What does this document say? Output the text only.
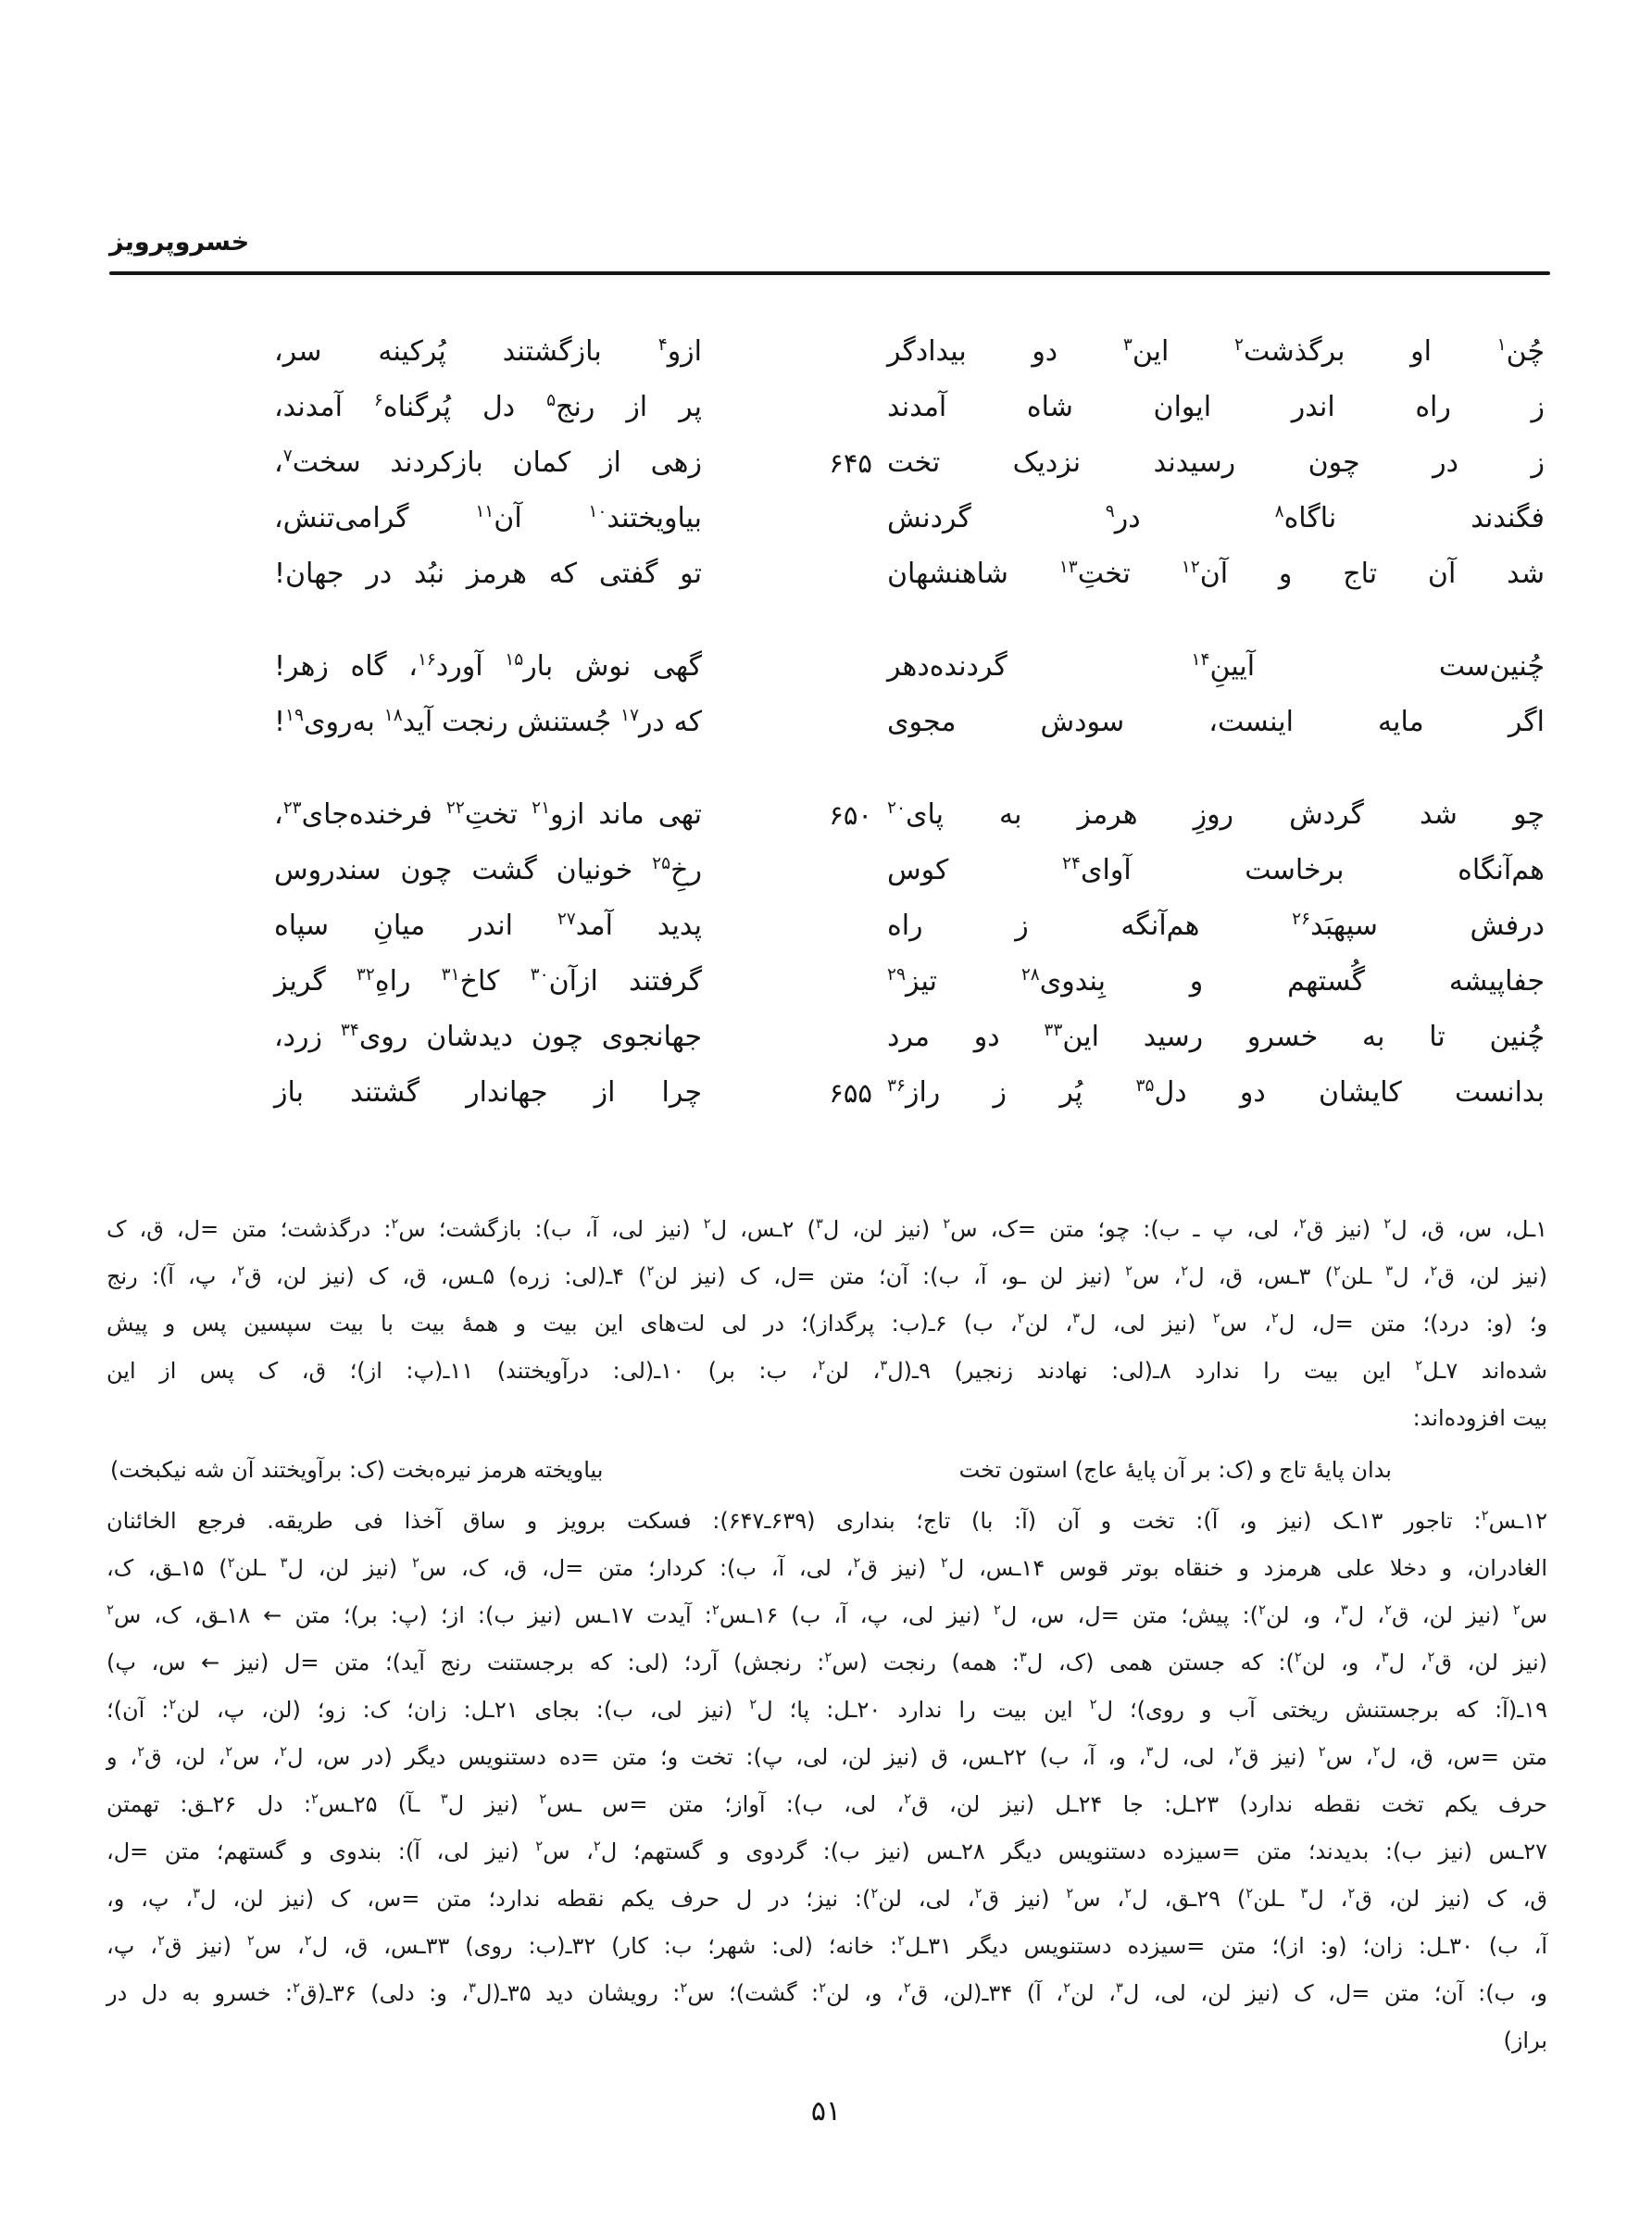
خسروپرویز
چُن$^۱$ او برگذشت$^۲$ این$^۳$ دو بیدادگر
ازو$^۴$ بازگشتند پُرکینه سر،
ز راه اندر ایوان شاه آمدند
پر از رنج$^۵$ دل پُرگناه$^۶$ آمدند،
ز در چون رسیدند نزدیک تخت
۶۴۵
زهی از کمان بازکردند سخت$^۷$،
فگندند ناگاه$^۸$ در$^۹$ گردنش
بیاویختند$^{۱۰}$ آن$^{۱۱}$ گرامی‌تنش،
شد آن تاج و آن$^{۱۲}$ تختِ$^{۱۳}$ شاهنشهان
تو گفتی که هرمز نبُد در جهان!
چُنین‌ست آیینِ$^{۱۴}$ گردنده‌دهر
گهی نوش بار$^{۱۵}$ آورد$^{۱۶}$، گاه زهر!
اگر مایه اینست، سودش مجوی
که در$^{۱۷}$ جُستنش رنجت آید$^{۱۸}$ به‌روی$^{۱۹}$!
چو شد گردش روزِ هرمز به پای$^{۲۰}$
۶۵۰
تهی ماند ازو$^{۲۱}$ تختِ$^{۲۲}$ فرخنده‌جای$^{۲۳}$،
هم‌آنگاه برخاست آوای$^{۲۴}$ کوس
رخِ$^{۲۵}$ خونیان گشت چون سندروس
درفش سپهبَد$^{۲۶}$ هم‌آنگه ز راه
پدید آمد$^{۲۷}$ اندر میانِ سپاه
جفاپیشه گُستهم و بِندوی$^{۲۸}$ تیز$^{۲۹}$
گرفتند ازآن$^{۳۰}$ کاخ$^{۳۱}$ راهِ$^{۳۲}$ گریز
چُنین تا به خسرو رسید این$^{۳۳}$ دو مرد
جهانجوی چون دیدشان روی$^{۳۴}$ زرد،
بدانست کایشان دو دل$^{۳۵}$ پُر ز راز$^{۳۶}$
۶۵۵
چرا از جهاندار گشتند باز
۱ـل، س، ق، ل$^۲$ (نیز ق$^۲$، لی، پ ـ ب): چو؛ متن =ک، س$^۲$ (نیز لن، ل$^۳$) ۲ـس، ل$^۲$ (نیز لی، آ، ب): بازگشت؛ س$^۲$: درگذشت؛ متن =ل، ق، ک
(نیز لن، ق$^۲$، ل$^۳$ ـلن$^۲$) ۳ـس، ق، ل$^۲$، س$^۲$ (نیز لن ـو، آ، ب): آن؛ متن =ل، ک (نیز لن$^۲$) ۴ـ(لی: زره) ۵ـس، ق، ک (نیز لن، ق$^۲$، پ، آ): رنج
و؛ (و: درد)؛ متن =ل، ل$^۲$، س$^۲$ (نیز لی، ل$^۳$، لن$^۲$، ب) ۶ـ(ب: پرگداز)؛ در لی لت‌های این بیت و همهٔ بیت با بیت سپسین پس و پیش
شده‌اند ۷ـل$^۲$ این بیت را ندارد ۸ـ(لی: نهادند زنجیر) ۹ـ(ل$^۳$، لن$^۲$، ب: بر) ۱۰ـ(لی: درآویختند) ۱۱ـ(پ: از)؛ ق، ک پس از این
بیت افزوده‌اند:
بدان پایهٔ تاج و (ک: بر آن پایهٔ عاج) استون تخت
بیاویخته هرمز نیره‌بخت (ک: برآویختند آن شه نیکبخت)
۱۲ـس$^۲$: تاجور ۱۳ـک (نیز و، آ): تخت و آن (آ: با) تاج؛ بنداری (۶۳۹ـ۶۴۷): فسکت برویز و ساق آخذا فی طریقه. فرجع الخائنان
الغادران، و دخلا علی هرمزد و خنقاه بوتر قوس ۱۴ـس، ل$^۲$ (نیز ق$^۲$، لی، آ، ب): کردار؛ متن =ل، ق، ک، س$^۲$ (نیز لن، ل$^۳$ ـلن$^۲$) ۱۵ـق، ک،
س$^۲$ (نیز لن، ق$^۲$، ل$^۳$، و، لن$^۲$): پیش؛ متن =ل، س، ل$^۲$ (نیز لی، پ، آ، ب) ۱۶ـس$^۲$: آیدت ۱۷ـس (نیز ب): از؛ (پ: بر)؛ متن ← ۱۸ـق، ک، س$^۲$
(نیز لن، ق$^۲$، ل$^۳$، و، لن$^۲$): که جستن همی (ک، ل$^۳$: همه) رنجت (س$^۲$: رنجش) آرد؛ (لی: که برجستنت رنج آید)؛ متن =ل (نیز ← س، پ)
۱۹ـ(آ: که برجستنش ریختی آب و روی)؛ ل$^۲$ این بیت را ندارد ۲۰ـل: پا؛ ل$^۲$ (نیز لی، ب): بجای ۲۱ـل: زان؛ ک: زو؛ (لن، پ، لن$^۲$: آن)؛
متن =س، ق، ل$^۲$، س$^۲$ (نیز ق$^۲$، لی، ل$^۳$، و، آ، ب) ۲۲ـس، ق (نیز لن، لی، پ): تخت و؛ متن =ده دستنویس دیگر (در س، ل$^۲$، س$^۲$، لن، ق$^۲$، و
حرف یکم تخت نقطه ندارد) ۲۳ـل: جا ۲۴ـل (نیز لن، ق$^۲$، لی، ب): آواز؛ متن =س ـس$^۲$ (نیز ل$^۳$ ـآ) ۲۵ـس$^۲$: دل ۲۶ـق: تهمتن
۲۷ـس (نیز ب): بدیدند؛ متن =سیزده دستنویس دیگر ۲۸ـس (نیز ب): گردوی و گستهم؛ ل$^۲$، س$^۲$ (نیز لی، آ): بندوی و گستهم؛ متن =ل،
ق، ک (نیز لن، ق$^۲$، ل$^۳$ ـلن$^۲$) ۲۹ـق، ل$^۲$، س$^۲$ (نیز ق$^۲$، لی، لن$^۲$): نیز؛ در ل حرف یکم نقطه ندارد؛ متن =س، ک (نیز لن، ل$^۳$، پ، و،
آ، ب) ۳۰ـل: زان؛ (و: از)؛ متن =سیزده دستنویس دیگر ۳۱ـل$^۲$: خانه؛ (لی: شهر؛ ب: کار) ۳۲ـ(ب: روی) ۳۳ـس، ق، ل$^۲$، س$^۲$ (نیز ق$^۲$، پ،
و، ب): آن؛ متن =ل، ک (نیز لن، لی، ل$^۳$، لن$^۲$، آ) ۳۴ـ(لن، ق$^۲$، و، لن$^۲$: گشت)؛ س$^۲$: رویشان دید ۳۵ـ(ل$^۳$، و: دلی) ۳۶ـ(ق$^۲$: خسرو به دل در
براز)
۵۱
